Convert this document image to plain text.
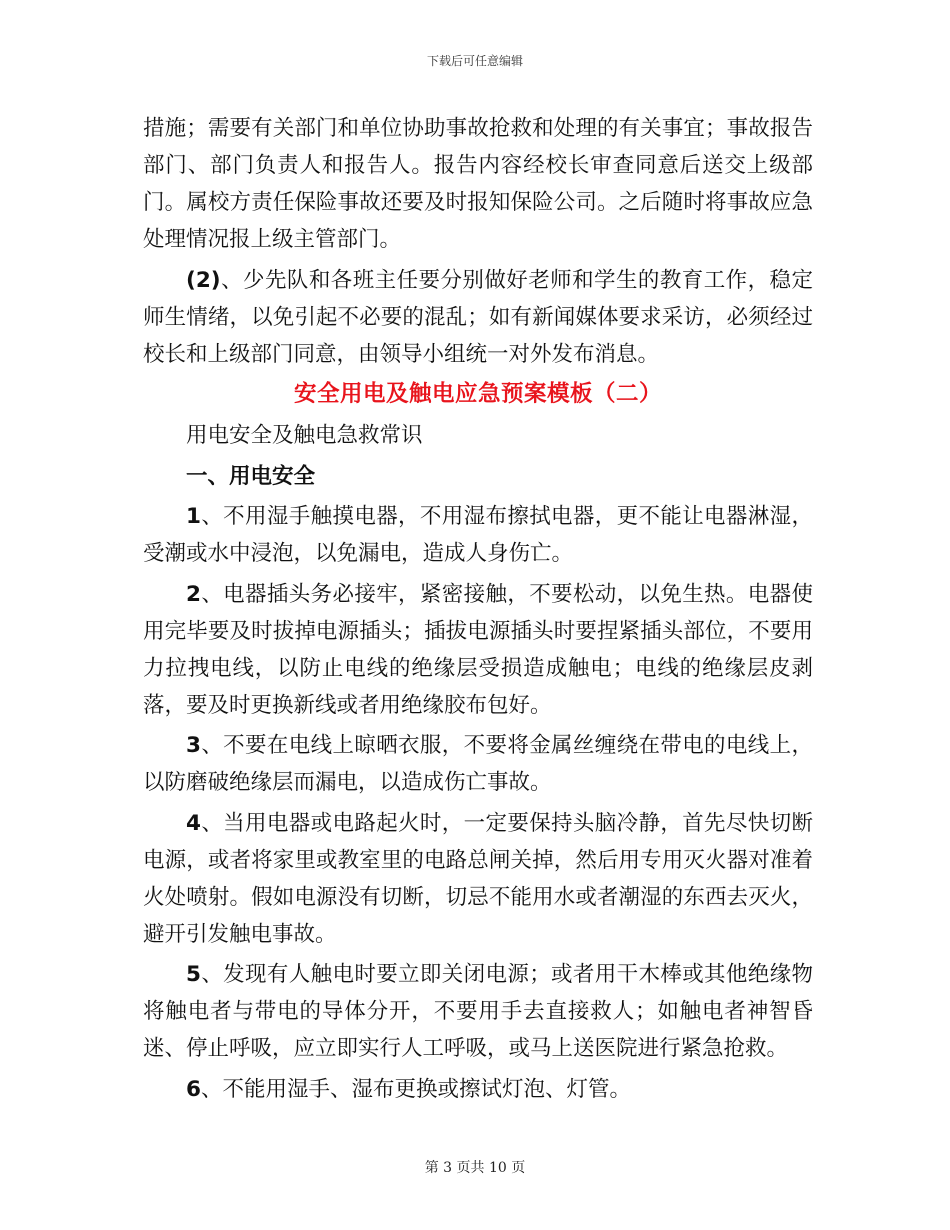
下载后可任意编辑

措施；需要有关部门和单位协助事故抢救和处理的有关事宜；事故报告部门、部门负责人和报告人。报告内容经校长审查同意后送交上级部门。属校方责任保险事故还要及时报知保险公司。之后随时将事故应急处理情况报上级主管部门。

(2)、少先队和各班主任要分别做好老师和学生的教育工作，稳定师生情绪，以免引起不必要的混乱；如有新闻媒体要求采访，必须经过校长和上级部门同意，由领导小组统一对外发布消息。

安全用电及触电应急预案模板（二）

用电安全及触电急救常识

一、用电安全

1、不用湿手触摸电器，不用湿布擦拭电器，更不能让电器淋湿，受潮或水中浸泡，以免漏电，造成人身伤亡。

2、电器插头务必接牢，紧密接触，不要松动，以免生热。电器使用完毕要及时拔掉电源插头；插拔电源插头时要捏紧插头部位，不要用力拉拽电线，以防止电线的绝缘层受损造成触电；电线的绝缘层皮剥落，要及时更换新线或者用绝缘胶布包好。

3、不要在电线上晾晒衣服，不要将金属丝缠绕在带电的电线上，以防磨破绝缘层而漏电，以造成伤亡事故。

4、当用电器或电路起火时，一定要保持头脑冷静，首先尽快切断电源，或者将家里或教室里的电路总闸关掉，然后用专用灭火器对准着火处喷射。假如电源没有切断，切忌不能用水或者潮湿的东西去灭火，避开引发触电事故。

5、发现有人触电时要立即关闭电源；或者用干木棒或其他绝缘物将触电者与带电的导体分开，不要用手去直接救人；如触电者神智昏迷、停止呼吸，应立即实行人工呼吸，或马上送医院进行紧急抢救。

6、不能用湿手、湿布更换或擦试灯泡、灯管。

第 3 页共 10 页
